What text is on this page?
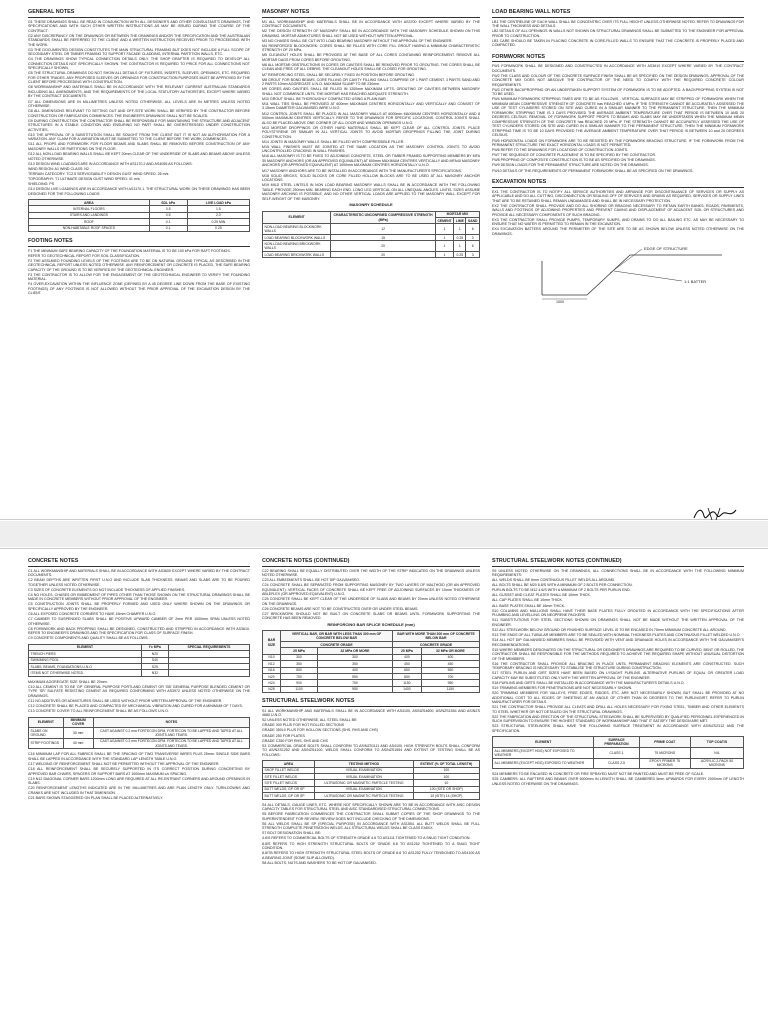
GENERAL NOTES
G1 THESE DRAWINGS SHALL BE READ IN CONJUNCTION WITH ALL DESIGNER'S AND OTHER CONSULTANT'S DRAWINGS, THE SPECIFICATIONS AND WITH SUCH OTHER WRITTEN INSTRUCTIONS AS MAY BE ISSUED DURING THE COURSE OF THE CONTRACT.
G2 ANY DISCREPANCY ON THE DRAWINGS OR BETWEEN THE DRAWINGS AND/OR THE SPECIFICATION AND THE AUSTRALIAN STANDARDS SHALL BE REFERRED TO THE CLIENT AND A WRITTEN INSTRUCTION RECEIVED PRIOR TO PROCEEDING WITH THE WORK.
G3 THE DOCUMENTED DESIGN CONSTITUTES THE MAIN STRUCTURAL FRAMING BUT DOES NOT INCLUDE A FULL SCOPE OF SECONDARY STEEL OR TIMBER FRAMING TO SUPPORT FACADE CLADDING, INTERNAL PARTITION WALLS, ETC.
G4 THE DRAWINGS SHOW TYPICAL CONNECTION DETAILS ONLY. THE SHOP DRAFTER IS REQUIRED TO DEVELOP ALL CONNECTION DETAILS NOT SPECIFICALLY SHOWN. THE CONTRACTOR IS REQUIRED TO PRICE FOR ALL CONNECTIONS NOT SPECIFICALLY SHOWN.
G5 THE STRUCTURAL DRAWINGS DO NOT SHOW ALL DETAILS OF FIXTURES, INSERTS, SLEEVES, OPENINGS, ETC. REQUIRED FOR OTHER TRADES. ANY PROPOSED SLEEVES OR OPENINGS FOR CONSTRUCTION PURPOSES MUST BE APPROVED BY THE CLIENT BEFORE PROCEEDING WITH CONSTRUCTION.
G6 WORKMANSHIP AND MATERIALS SHALL BE IN ACCORDANCE WITH THE RELEVANT CURRENT AUSTRALIAN STANDARDS INCLUDING ALL AMENDMENTS, AND THE REQUIREMENTS OF THE LOCAL STATUTORY AUTHORITIES, EXCEPT WHERE VARIED BY THE CONTRACT DOCUMENTS.
G7 ALL DIMENSIONS ARE IN MILLIMETRES UNLESS NOTED OTHERWISE. ALL LEVELS ARE IN METRES UNLESS NOTED OTHERWISE.
G8 ALL DIMENSIONS RELEVANT TO SETTING OUT AND OFF-SITE WORK SHALL BE VERIFIED BY THE CONTRACTOR BEFORE CONSTRUCTION OR FABRICATION COMMENCES. THE ENGINEER'S DRAWINGS SHALL NOT BE SCALED.
G9 DURING CONSTRUCTION THE CONTRACTOR SHALL BE RESPONSIBLE FOR MAINTAINING THE STRUCTURE AND ADJACENT STRUCTURES IN A STABLE CONDITION AND ENSURING NO PART SHALL BE OVERSTRESSED UNDER CONSTRUCTION ACTIVITIES.
G10 THE APPROVAL OF A SUBSTITUTION SHALL BE SOUGHT FROM THE CLIENT BUT IT IS NOT AN AUTHORISATION FOR A VARIATION. ANY CLAIM FOR A VARIATION MUST BE SUBMITTED TO THE CLIENT BEFORE THE WORK COMMENCES.
G11 ALL PROPS AND FORMWORK FOR FLOOR BEAMS AND SLABS SHALL BE REMOVED BEFORE CONSTRUCTION OF ANY MASONRY WALLS OR PARTITIONS ON THE FLOOR.
G12 ALL NON-LOAD BEARING WALLS SHALL BE KEPT 20mm CLEAR OF THE UNDERSIDE OF SLABS AND BEAMS ABOVE UNLESS NOTED OTHERWISE.
G13 DESIGN WIND LOADINGS ARE IN ACCORDANCE WITH AS1170.2 AND AS4055 AS FOLLOWS:
WIND REGION: A1 WIND CLASS: N2
TERRAIN CATEGORY: TC2.5 SERVICEABILITY DESIGN GUST WIND SPEED: 26 m/s
TOPOGRAPHY: T1 ULTIMATE DESIGN GUST WIND SPEED: 41 m/s
SHIELDING: PS
G14 DESIGN LIVE LOADINGS ARE IN ACCORDANCE WITH AS1170.1. THE STRUCTURAL WORK ON THESE DRAWINGS HAS BEEN DESIGNED FOR THE FOLLOWING LOADS:
AREA	SDL kPa	LIVE LOAD kPa
INTERNAL FLOORS	0.5	1.5
STAIRS AND LANDINGS	0.5	2.0
ROOF	0.1	0.25 MIN
NON-HABITABLE ROOF SPACES	0.1	0.25
FOOTING NOTES
F1 THE MINIMUM SAFE BEARING CAPACITY OF THE FOUNDATION MATERIAL IS TO BE 100 kPa FOR RAFT FOOTINGS.
REFER TO GEOTECHNICAL REPORT FOR SOIL CLASSIFICATION.
F2 THE ASSUMED FOUNDING LEVELS OF THE FOOTINGS ARE TO BE ON NATURAL GROUND TYPICAL AS DESCRIBED IN THE GEOTECHNICAL REPORT UNLESS NOTED OTHERWISE. ANY REINFORCEMENT OR CONCRETE IS PLACED, THE SAFE BEARING CAPACITY OF THE GROUND IS TO BE VERIFIED BY THE GEOTECHNICAL ENGINEER.
F3 THE CONTRACTOR IS TO ALLOW FOR THE ENGAGEMENT OF THE GEOTECHNICAL ENGINEER TO VERIFY THE FOUNDING MATERIAL.
F4 OVER-EXCAVATION WITHIN THE INFLUENCE ZONE (DEFINED BY A 45 DEGREE LINE DOWN FROM THE BASE OF EXISTING FOOTINGS) OF ANY FOOTINGS IS NOT ALLOWED WITHOUT THE PRIOR APPROVAL OF THE EXCAVATION DESIGN BY THE CLIENT.
MASONRY NOTES
M1 ALL WORKMANSHIP AND MATERIALS SHALL BE IN ACCORDANCE WITH AS3700 EXCEPT WHERE VARIED BY THE CONTRACT DOCUMENTS.
M2 THE DESIGN STRENGTH OF MASONRY SHALL BE IN ACCORDANCE WITH THE MASONRY SCHEDULE SHOWN ON THIS DRAWING. MORTAR ADMIXTURES SHALL NOT BE USED WITHOUT WRITTEN APPROVAL.
M3 NO CHASES SHALL BE CUT INTO LOAD BEARING MASONRY WITHOUT THE APPROVAL OF THE ENGINEER.
M4 REINFORCED BLOCKWORK: CORES SHALL BE FILLED WITH CORE FILL GROUT HAVING A MINIMUM CHARACTERISTIC STRENGTH OF 20 MPa.
M5 CLEANOUT HOLES SHALL BE PROVIDED AT THE BASE OF ALL CORES CONTAINING REINFORCEMENT. REMOVE ALL MORTAR DAGS FROM CORES BEFORE GROUTING.
M6 ALL MORTAR OBSTRUCTIONS IN CORES OR CAVITIES SHALL BE REMOVED PRIOR TO GROUTING. THE CORES SHALL BE CLEAN AND FREE OF ALL DEBRIS. THE CLEANOUT HOLES SHALL BE CLOSED FOR GROUTING.
M7 REINFORCING STEEL SHALL BE SECURELY FIXED IN POSITION BEFORE GROUTING.
M8 GROUT FOR BOND BEAMS, CORE FILLING OR CAVITY FILLING SHALL COMPRISE OF 1 PART CEMENT, 3 PARTS SAND AND 2 PARTS 10mm AGGREGATE U.N.O. MAXIMUM SLUMP TO BE 230mm.
M9 CORES AND CAVITIES SHALL BE FILLED IN 1200mm MAXIMUM LIFTS. GROUTING OF CAVITIES BETWEEN MASONRY SHALL NOT COMMENCE UNTIL THE MORTAR HAS REACHED ADEQUATE STRENGTH.
M10 GROUT SHALL BE THOROUGHLY COMPACTED USING A PLAIN BAR.
M11 WALL TIES SHALL BE PROVIDED AT 600mm MAXIMUM CENTRES HORIZONTALLY AND VERTICALLY AND CONSIST OF 3.15mm DIAMETER GALVANISED WIRE U.N.O.
M12 CONTROL JOINTS SHALL BE PLACED IN ALL MASONRY WALLS AT 6000mm MAXIMUM CENTRES HORIZONTALLY AND 8 000mm MAXIMUM CENTRES VERTICALLY. REFER TO THE DRAWINGS FOR SPECIFIC LOCATIONS. CONTROL JOINTS SHALL ALSO BE PLACED ABOVE ONE CORNER OF ALL DOOR AND WINDOW OPENINGS U.N.O.
M13 MORTAR DROPPINGS OR OTHER HARD MATERIALS SHALL BE KEPT CLEAR OF ALL CONTROL JOINTS. PLACE POLYSTYRENE OR SIMILAR IN ALL VERTICAL JOINTS TO AVOID MORTAR DROPPINGS FILLING THE JOINT DURING CONSTRUCTION.
M14 JOINTS IN MASONRY WALLS SHALL BE FILLED WITH COMPRESSIBLE FILLER.
M15 WALL FINISHES MUST BE JOINTED AT THE SAME LOCATION AS THE MASONRY CONTROL JOINTS TO AVOID UNCONTROLLED CRACKING IN WALL FINISHES.
M16 ALL MASONRY IS TO BE FIXED TO ADJOINING CONCRETE, STEEL OR TIMBER FRAMED SUPPORTING MEMBERS BY MFA 30 MASONRY ANCHORS (OR AN APPROVED EQUIVALENT) AT 600mm MAXIMUM CENTRES VERTICALLY AND MFA40 MASONRY ANCHORS (OR APPROVED EQUIVALENT) AT 1000mm MAXIMUM CENTRES HORIZONTALLY U.N.O.
M17 MASONRY ANCHORS ARE TO BE INSTALLED IN ACCORDANCE WITH THE MANUFACTURER'S SPECIFICATIONS.
M18 SOLID BRICKS, SOLID BLOCKS OR CORE FILLED HOLLOW BLOCKS ARE TO BE USED AT ALL MASONRY ANCHOR LOCATIONS.
M19 MILD STEEL LINTELS IN NON LOAD BEARING MASONRY WALLS SHALL BE IN ACCORDANCE WITH THE FOLLOWING TABLE. PROVIDE 250mm MIN. BEARING EACH END. LONG LEG VERTICAL ON ALL UNEQUAL ANGLES. LINTEL SIZES ASSUME MASONRY ARCHING IS POSSIBLE, AND NO OTHER VERTICAL LOADS ARE APPLIED TO THE MASONRY WALL EXCEPT FOR SELF-WEIGHT OF THE MASONRY.
MASONRY SCHEDULE
ELEMENT	CHARACTERISTIC UNCONFINED COMPRESSIVE STRENGTH (MPa)	MORTAR MIX		
		CEMENT	LIME	SAND
NON-LOAD BEARING BLOCKWORK WALLS	12	1	1	6
LOAD BEARING BLOCKWORK WALLS	15	1	0.25	3
NON-LOAD BEARING BRICKWORK WALLS	20	1	1	6
LOAD BEARING BRICKWORK WALLS	20	1	0.25	3
LOAD BEARING WALL NOTES
LB1 THE CENTRELINE OF EACH WALL SHALL BE CONCENTRIC OVER ITS FULL HEIGHT UNLESS OTHERWISE NOTED. REFER TO DRAWINGS FOR THE WALL THICKNESS AND DETAILS.
LB2 DETAILS OF ALL OPENINGS IN WALLS NOT SHOWN ON STRUCTURAL DRAWINGS SHALL BE SUBMITTED TO THE ENGINEER FOR APPROVAL PRIOR TO CONSTRUCTION.
LB3 CARE SHOULD BE TAKEN IN PLACING CONCRETE IN CORE-FILLED WALLS TO ENSURE THAT THE CONCRETE IS PROPERLY PLACED AND COMPACTED.
FORMWORK NOTES
FW1 FORMWORK SHALL BE DESIGNED AND CONSTRUCTED IN ACCORDANCE WITH AS3610 EXCEPT WHERE VARIED BY THE CONTRACT DOCUMENTS.
FW2 THE CLASS AND COLOUR OF THE CONCRETE SURFACE FINISH SHALL BE AS SPECIFIED ON THE DESIGN DRAWINGS. APPROVAL OF THE CONCRETE MIX DOES NOT ABSOLVE THE CONTRACTOR OF THE NEED TO COMPLY WITH THE REQUIRED CONCRETE COLOUR REQUIREMENTS.
FW3 OTHER BACKPROPPING OR AN UNDERTAKEN SUPPORT SYSTEM OF FORMWORK IS TO BE ADOPTED. A BACKPROPPING SYSTEM IS NOT TO BE USED.
FW4 MINIMUM FORMWORK STRIPPING TIMES ARE TO BE AS FOLLOWS - VERTICAL SURFACES MAY BE STRIPPED OF FORMWORK WHEN THE MINIMUM MEAN COMPRESSIVE STRENGTH OF CONCRETE has REACHED 4 MPa. IF THE STRENGTH CANNOT BE ACCURATELY ASSESSED THE USE OF TEST CYLINDERS STORED ON SITE AND CURED IN A SIMILAR MANNER TO THE PERMANENT STRUCTURE. THEN THE MINIMUM FORMWORK STRIPPING TIME IS 3 DAYS PROVIDED THE AVERAGE AMBIENT TEMPERATURE OVER THAT PERIOD IS BETWEEN 10 AND 20 DEGREES CELSIUS. REMOVAL OF FORMWORK SUPPORT PROPS TO BEAMS AND SLABS MAY BE UNDERTAKEN WHEN THE MINIMUM MEAN COMPRESSIVE STRENGTH OF THE CONCRETE has REACHED 20 MPa. IF THE STRENGTH CANNOT BE ACCURATELY ASSESSED THE USE OF TEST CYLINDERS STORED ON SITE AND CURED IN A SIMILAR MANNER TO THE PERMANENT STRUCTURE, THEN THE MINIMUM FORMWORK STRIPPING TIME IS TO BE 10 DAYS PROVIDED THE AVERAGE AMBIENT TEMPERATURE OVER THAT PERIOD IS BETWEEN 10 and 20 DEGREES CELSIUS.
FW5 HORIZONTAL LOADS ON FORMWORK ARE TO BE RESISTED BY THE FORMWORK BRACING STRUCTURE. IF THE FORMWORK FROM THE PERMANENT STRUCTURE THE EXACT HORIZONTAL LOADS IS NOT PERMITTED.
FW6 REFER TO THE DRAWINGS FOR LOCATIONS OF CONSTRUCTION JOINTS.
FW7 THE SEQUENCE OF CONCRETE PLACEMENT IS TO BE SPECIFIED BY THE CONTRACTOR.
FW8 PROPPING OF COMPOSITE CONSTRUCTION IS TO BE AS SPECIFIED ON THE DRAWINGS.
FW9 DESIGN LOADS FOR THE PERMANENT STRUCTURE ARE NOTED ON THE DRAWINGS.
FW10 DETAILS OF THE REQUIREMENTS OF PERMANENT FORMWORK SHALL BE AS SPECIFIED ON THE DRAWINGS.
EXCAVATION NOTES
EX1 THE CONTRACTOR IS TO NOTIFY ALL SERVICE AUTHORITIES AND ARRANGE FOR DISCONTINUANCE OF SERVICES OR SUPPLY AS APPLICABLE AND DO ALL CUTTING, DISCONNECTION OR SEALING OFF OF SERVICES AND DRAINS AS REQUIRED. SERVICES OR SUPPLY LINES THAT ARE TO BE RETAINED SHALL REMAIN UNDAMAGED AND SHALL BE IN NECESSARY PROTECTION.
EX2 THE CONTRACTOR SHALL PROVIDE AND DO ALL SHORING OR BRACING NECESSARY TO RETAIN EARTH BANKS, ROADS, PAVEMENTS, WALLS AND FOOTINGS OF ADJOINING PROPERTIES AND PREVENT CAVING AND DISPLACEMENT OF ADJACENT SOIL OR STRUCTURES AND PROVIDE ALL NECESSARY COMPONENTS OF SUCH BRACING.
EX3 THE CONTRACTOR SHALL PROVIDE PUMPS, TEMPORARY SUMPS, AND DRAINS TO DO ALL BAILING ETC. AS MAY BE NECESSARY TO ENSURE THAT NO WATER IS PERMITTED TO REMAIN IN THE EXCAVATION.
EX4 EXCAVATION BATTERS AROUND THE PERIMETER OF THE SITE ARE TO BE AS SHOWN BELOW UNLESS NOTED OTHERWISE ON THE DRAWINGS.
EDGE OF STRUCTURE
1:1 BATTER
1000
CONCRETE NOTES
C1 ALL WORKMANSHIP AND MATERIALS SHALL BE IN ACCORDANCE WITH AS3600 EXCEPT WHERE VARIED BY THE CONTRACT DOCUMENTS.
C2 BEAM DEPTHS ARE WRITTEN FIRST U.N.O AND INCLUDE SLAB THICKNESS. BEAMS AND SLABS ARE TO BE POURED TOGETHER UNLESS NOTED OTHERWISE.
C3 SIZES OF CONCRETE ELEMENTS DO NOT INCLUDE THICKNESS OF APPLIED FINISHES.
C4 NO HOLES, CHASES OR EMBEDMENT OF PIPES OTHER THAN THOSE SHOWN ON THE STRUCTURAL DRAWINGS SHALL BE MADE IN CONCRETE MEMBERS WITHOUT PRIOR APPROVAL OF THE ENGINEER.
C5 CONSTRUCTION JOINTS SHALL BE PROPERLY FORMED AND USED ONLY WHERE SHOWN ON THE DRAWINGS OR SPECIFICALLY APPROVED BY THE ENGINEER.
C6 ALL EXPOSED CONCRETE CORNERS TO HAVE 15mm CHAMFER U.N.O.
C7 CAMBER TO SUSPENDED SLABS SHALL BE POSITIVE UPWARD CAMBER OF 2mm PER 1000mm SPAN UNLESS NOTED OTHERWISE.
C8 FORMWORK AND BACK PROPPING SHALL BE DESIGNED, CONSTRUCTED AND STRIPPED IN ACCORDANCE WITH AS3610. REFER TO ENGINEER'S DRAWINGS AND THE SPECIFICATION FOR CLASS OF SURFACE FINISH.
C9 CONCRETE COMPONENTS AND QUALITY SHALL BE AS FOLLOWS:
ELEMENT	f'c MPa	SPECIAL REQUIREMENTS
TRENCH PIERS	N20	
SWIMMING POOL	S40	
SLABS, BEAMS, FOUNDATIONS U.N.O	S25	
ITEMS NOT OTHERWISE NOTED	N32	
MAXIMUM AGGREGATE SIZE SHALL BE 20mm.
C10 ALL CEMENT IS TO BE 'GP' GENERAL PURPOSE PORTLAND CEMENT OR 'GB' GENERAL PURPOSE BLENDED CEMENT OR TYPE 'SR' SULFATE RESISTING CEMENT AS REQUIRED CONFORMING WITH AS3972 UNLESS NOTED OTHERWISE ON THE DRAWINGS.
C11 NO ADDITIVES OR ADMIXTURES SHALL BE USED WITHOUT PRIOR WRITTEN APPROVAL OF THE ENGINEER.
C12 CONCRETE SHALL BE PLACED AND COMPACTED BY MECHANICAL VIBRATION AND CURED FOR A MINIMUM OF 7 DAYS.
C13 CONCRETE COVER TO ALL REINFORCEMENT SHALL BE AS FOLLOWS U.N.O.
ELEMENT	MINIMUM COVER	NOTES
SLABS ON GROUND	30 mm	CAST AGAINST 0.2 mm FORTECON DPM. FORTECON TO BE LAPPED AND TAPED AT ALL JOINTS AND TEARS.
STRIP FOOTINGS	40 mm	CAST AGAINST 0.2 mm FORTECON DPM. FORTECON TO BE LAPPED AND TAPED AT ALL JOINTS AND TEARS.
C16 MINIMUM LAP FOR ALL FABRICS SHALL BE THE SPACING OF TWO TRANSVERSE WIRES PLUS 25mm. SINGLE SIDE BARS SHALL BE LAPPED IN ACCORDANCE WITH THE STANDARD LAP LENGTH TABLE U.N.O.
C17 WELDING OF REINFORCEMENT SHALL NOT BE PERMITTED WITHOUT THE APPROVAL OF THE ENGINEER.
C18 ALL REINFORCEMENT SHALL BE SECURELY SUPPORTED IN ITS CORRECT POSITION DURING CONCRETING BY APPROVED BAR CHAIRS, SPACERS OR SUPPORT BARS AT 1000mm MAXIMUM c/c SPACING.
C19 N12 DIAGONAL CORNER BARS 1200mm LONG ARE REQUIRED AT ALL RE-ENTRANT CORNERS AND AROUND OPENINGS IN SLABS.
C20 REINFORCEMENT LENGTHS INDICATED ARE IN THE MILLIMETRES AND ARE PLAN LENGTH ONLY. TURN-DOWNS AND CRANKS ARE NOT INCLUDED IN THAT DIMENSION.
C21 BARS SHOWN STAGGERED ON PLAN SHALL BE PLACED ALTERNATIVELY.
CONCRETE NOTES (CONTINUED)
C22 BEARING SHALL BE EQUALLY DISTRIBUTED OVER THE WIDTH OF THE STRIP INDICATED ON THE DRAWINGS UNLESS NOTED OTHERWISE.
C23 ALL EMBEDMENTS SHALL BE HOT DIP GALVANISED.
C24 CONCRETE SHALL BE SEPARATED FROM SUPPORTING MASONRY BY TWO LAYERS OF MALTHOID (OR AN APPROVED EQUIVALENT). VERTICAL FACES OF CONCRETE SHALL BE KEPT FREE OF ADJOINING SURFACES BY 10mm THICKNESS OF ABLEFLEX (OR APPROVED EQUIVALENT) U.N.O.
C25 CONCRETE SHALL BE KEPT CLEAR OF THE UNDERSIDE OF SLABS AND BEAMS BY 20mm UNLESS NOTED OTHERWISE ON THE DRAWINGS.
C26 CONCRETE BEAMS ARE NOT TO BE CONSTRUCTED OVER OR UNDER STEEL BEAMS.
C27 BRICKWORK SHOULD NOT BE BUILT ON CONCRETE SLABS OR BEAMS UNTIL FORMWORK SUPPORTING THE CONCRETE HAS BEEN REMOVED.
REINFORCING BAR SPLICE SCHEDULE (mm)
BAR SIZE	VERTICAL BAR, OR BAR WITH LESS THAN 300 mm OF CONCRETE BELOW BAR		BAR WITH MORE THAN 300 mm OF CONCRETE BELOW BAR	
	CONCRETE GRADE		CONCRETE GRADE	
	25 MPa	32 MPa OR MORE	25 MPa	32 MPa OR MORE
N10	300	300	400	400
N12	350	350	450	450
N16	500	400	650	550
N20	700	550	850	700
N24	900	750	1150	950
N28	1100	950	1400	1150
STRUCTURAL STEELWORK NOTES
S1 ALL WORKMANSHIP AND MATERIALS SHALL BE IN ACCORDANCE WITH AS4100, AS/NZS4600, AS/NZS1554 AND AS/NZS 4680 U.N.O.
S2 UNLESS NOTED OTHERWISE, ALL STEEL SHALL BE:
GRADE 300 PLUS FOR HOT ROLLED SECTIONS
GRADE 350L0 PLUS FOR HOLLOW SECTIONS (SHS, RHS AND CHS)
GRADE 250 FOR PLATES
GRADE C350 FOR RHS, SHS AND CHS
S3 COMMERCIAL GRADE BOLTS SHALL CONFORM TO AS/NZS1111 AND AS4100. HIGH STRENGTH BOLTS SHALL CONFORM TO AS/NZS1252 AND AS/NZS4100. WELDS SHALL CONFORM TO AS/NZS1554 AND EXTENT OF TESTING SHALL BE AS FOLLOWS:
AREA	TESTING METHOD	EXTENT (% OF TOTAL LENGTH)
SHOP FILLET WELDS	VISUAL EXAMINATION	100
SITE FILLET WELDS	VISUAL EXAMINATION	100
SITE FILLET WELDS	ULTRASONIC OR MAGNETIC PARTICLE TESTING	10
BUTT WELDS, GP OR SP	VISUAL EXAMINATION	100 (SITE OR SHOP)
BUTT WELDS, GP OR SP	ULTRASONIC OR MAGNETIC PARTICLE TESTING	10 (SITE) 14 (SHOP)
S4 ALL DETAILS, GAUGE LINES, ETC. WHERE NOT SPECIFICALLY SHOWN ARE TO BE IN ACCORDANCE WITH AISC DESIGN CAPACITY TABLES FOR STRUCTURAL STEEL AND AISC STANDARDISED STRUCTURAL CONNECTIONS.
S5 BEFORE FABRICATION COMMENCES THE CONTRACTOR SHALL SUBMIT COPIES OF THE SHOP DRAWINGS TO THE SUPERINTENDENT FOR REVIEW. REVIEW DOES NOT INCLUDE CHECKING OF THE DIMENSIONS.
S6 ALL WELDS SHALL BE SP (SPECIAL PURPOSE) IN ACCORDANCE WITH AS1554. ALL BUTT WELDS SHALL BE FULL STRENGTH COMPLETE PENETRATION WELDS. ALL STRUCTURAL WELDS SHALL BE CLASS E48XX.
S7 BOLT DESIGNATION SHALL BE:
4.6/S REFERS TO COMMERCIAL BOLTS OF STRENGTH GRADE 4.6 TO AS1111 TIGHTENED TO A SNUG TIGHT CONDITION.
8.8/S REFERS TO HIGH STRENGTH STRUCTURAL BOLTS OF GRADE 8.8 TO AS1252 TIGHTENED TO A SNUG TIGHT CONDITION.
8.8/TB REFERS TO HIGH STRENGTH STRUCTURAL STEEL BOLTS OF GRADE 8.8 TO AS1252 FULLY TENSIONED TO AS4100 AS A BEARING JOINT (SOME SLIP ALLOWED).
S8 ALL BOLTS, NUTS AND WASHERS TO BE HOT DIP GALVANISED.
STRUCTURAL STEELWORK NOTES (CONTINUED)
S9 UNLESS NOTED OTHERWISE ON THE DRAWINGS, ALL CONNECTIONS SHALL BE IN ACCORDANCE WITH THE FOLLOWING MINIMUM REQUIREMENTS:
ALL WELDS SHALL BE 6mm CONTINUOUS FILLET WELDS ALL AROUND.
ALL BOLTS SHALL BE M20 8.8/S WITH A MINIMUM OF 2 BOLTS PER CONNECTION.
PURLIN BOLTS TO BE M12 4.6/S WITH A MINIMUM OF 2 BOLTS PER PURLIN END.
ALL GUSSET AND CLEAT PLATES SHALL BE 10mm THICK.
ALL CAP PLATES SHALL BE 10mm THICK.
ALL BASE PLATES SHALL BE 16mm THICK.
S10 COLUMNS AND MULLIONS SHALL HAVE THEIR BASE PLATES FULLY GROUTED IN ACCORDANCE WITH THE SPECIFICATIONS AFTER PLUMBING AND LEVELLING ON NEOPRENE PACKERS.
S11 SUBSTITUTIONS FOR STEEL SECTIONS SHOWN ON DRAWINGS SHALL NOT BE MADE WITHOUT THE WRITTEN APPROVAL OF THE ENGINEER.
S12 ALL STEELWORK BELOW GROUND OR FINISHED SURFACE LEVEL IS TO BE ENCASED IN 75mm MINIMUM CONCRETE ALL AROUND.
S13 THE ENDS OF ALL TUBULAR MEMBERS ARE TO BE SEALED WITH NOMINAL THICKNESS PLATES AND CONTINUOUS FILLET WELDED U.N.O.
S14 ALL HOT DIP GALVANISED MEMBERS SHALL BE PROVIDED WITH VENT AND DRAINAGE HOLES IN ACCORDANCE WITH THE GALVANISER'S RECOMMENDATIONS.
S15 WHERE MEMBERS DESIGNATED ON THE STRUCTURAL OR DESIGNER'S DRAWINGS ARE REQUIRED TO BE CURVED, BENT OR ROLLED, THE CONTRACTOR SHALL BE RESPONSIBLE FOR THE METHODS REQUIRED TO ACHIEVE THE REQUIRED SHAPE WITHOUT UNUSUAL DISTORTION OF THE MEMBERS.
S16 THE CONTRACTOR SHALL PROVIDE ALL BRACING IN PLACE UNTIL PERMANENT BRACING ELEMENTS ARE CONSTRUCTED. SUCH TEMPORARY BRACING IS NECESSARY TO STABILISE THE STRUCTURE DURING CONSTRUCTION.
S17 STEEL PURLIN AND GIRT SIZES HAVE BEEN BASED ON LYSAGHT PURLINS. ALTERNATIVE PURLINS OF EQUAL OR GREATER LOAD CAPACITY MAY BE SUBSTITUTED ONLY WITH THE WRITTEN APPROVAL OF THE ENGINEER.
S18 PURLINS AND GIRTS SHALL BE INSTALLED IN ACCORDANCE WITH THE MANUFACTURER'S DETAILS U.N.O.
S19 TRIMMING MEMBERS FOR PENETRATIONS ARE NOT NECESSARILY SHOWN.
S20 TRIMMING MEMBERS FOR VALLEYS, FREE EDGES, RIDGES, ETC. ARE NOT NECESSARILY SHOWN, BUT SHALL BE PROVIDED AT NO ADDITIONAL COST TO ALL EDGES OF SHEETING AT AN ANGLE OF OTHER THAN 90 DEGREES TO THE PURLIN/GIRT. REFER TO PURLIN MANUFACTURER FOR DETAILS.
S21 THE CONTRACTOR SHALL PROVIDE ALL CLEATS AND DRILL ALL HOLES NECESSARY FOR FIXING STEEL, TIMBER AND OTHER ELEMENTS TO STEEL WHETHER OR NOT DETAILED ON THE STRUCTURAL DRAWINGS.
S22 THE FABRICATION AND ERECTION OF THE STRUCTURAL STEELWORK SHALL BE SUPERVISED BY QUALIFIED PERSONNEL EXPERIENCED IN SUCH SUPERVISION TO ENSURE THE HIGHEST STANDARD OF WORKMANSHIP AND THAT IT SATISFY THE DESIGN ARE MET.
S23 STRUCTURAL STEELWORK SHALL HAVE THE FOLLOWING SURFACE TREATMENT IN ACCORDANCE WITH AS/NZS2312 AND THE SPECIFICATION.
ELEMENT	SURFACE PREPARATION	PRIME COAT	TOP COAT/S
ALL MEMBERS (EXCEPT HDG) NOT EXPOSED TO WEATHER	CLASS 1	75 MICRONS	NIL
ALL MEMBERS (EXCEPT HDG) EXPOSED TO WEATHER	CLASS 2.5	EPOXY PRIMER 75 MICRONS	ACRYLIC 2-PACK 50 MICRONS
S24 MEMBERS TO BE ENCASED IN CONCRETE OR FIRE SPRAYED MUST NOT BE PAINTED AND MUST BE FREE OF SCALE.
S25 CAMBERS: ALL RAFTERS AND BEAMS OVER 6000mm IN LENGTH SHALL BE CAMBERED 5mm UPWARDS FOR EVERY 2000mm OF LENGTH UNLESS NOTED OTHERWISE ON THE DRAWINGS.
